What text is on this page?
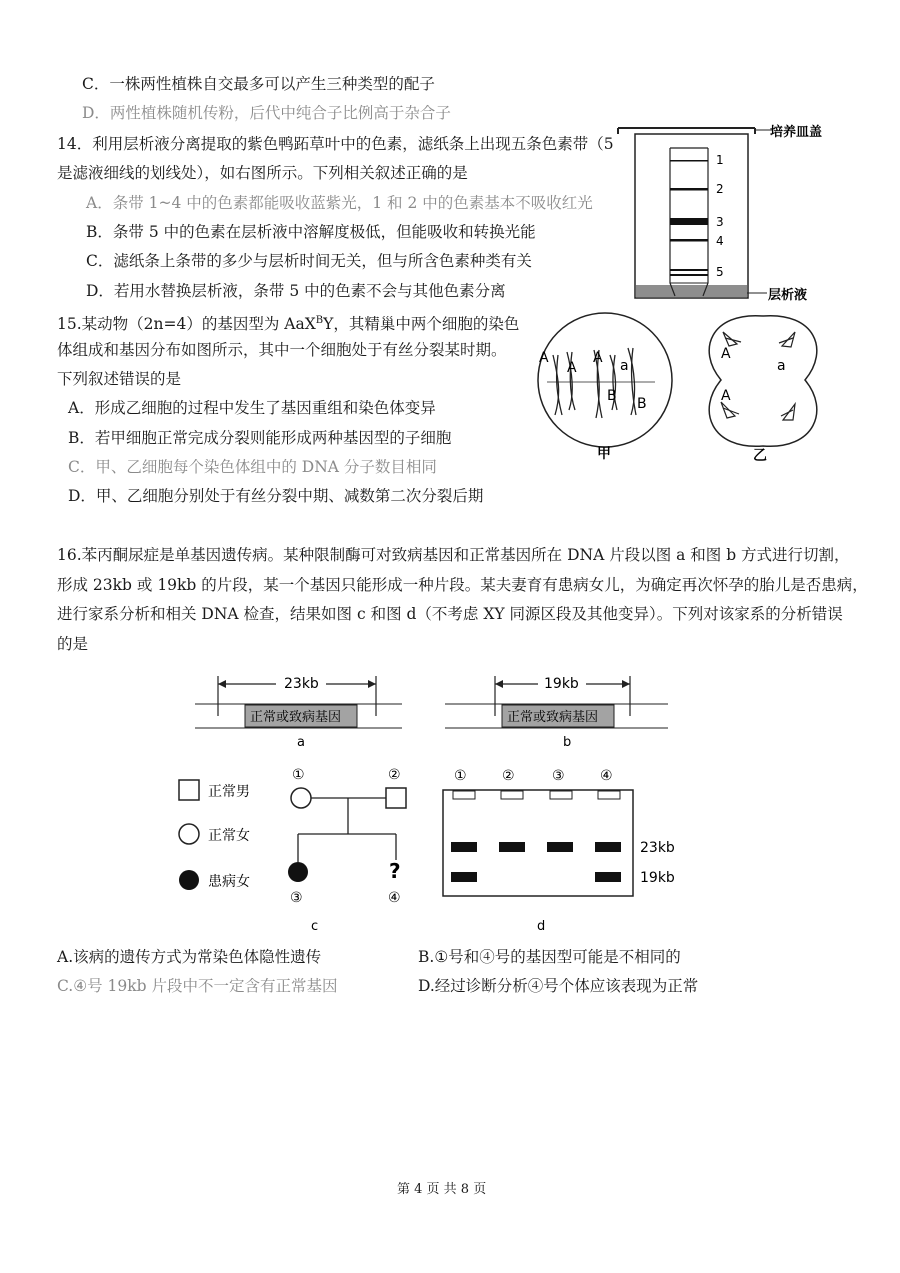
C．一株两性植株自交最多可以产生三种类型的配子
D．两性植株随机传粉，后代中纯合子比例高于杂合子
14．利用层析液分离提取的紫色鸭跖草叶中的色素，滤纸条上出现五条色素带（5
是滤液细线的划线处），如右图所示。下列相关叙述正确的是
A．条带 1~4 中的色素都能吸收蓝紫光，1 和 2 中的色素基本不吸收红光
B．条带 5 中的色素在层析液中溶解度极低，但能吸收和转换光能
C．滤纸条上条带的多少与层析时间无关，但与所含色素种类有关
D．若用水替换层析液，条带 5 中的色素不会与其他色素分离
培养皿盖
1
2
3
4
5
层析液
15.某动物（2n=4）的基因型为 AaX$^B$Y，其精巢中两个细胞的染色
体组成和基因分布如图所示，其中一个细胞处于有丝分裂某时期。
下列叙述错误的是
A．形成乙细胞的过程中发生了基因重组和染色体变异
B．若甲细胞正常完成分裂则能形成两种基因型的子细胞
C．甲、乙细胞每个染色体组中的 DNA 分子数目相同
D．甲、乙细胞分别处于有丝分裂中期、减数第二次分裂后期
A
A
A a
B B
甲
A
a
A
乙
16.苯丙酮尿症是单基因遗传病。某种限制酶可对致病基因和正常基因所在 DNA 片段以图 a 和图 b 方式进行切割，
形成 23kb 或 19kb 的片段，某一个基因只能形成一种片段。某夫妻育有患病女儿，为确定再次怀孕的胎儿是否患病，
进行家系分析和相关 DNA 检查，结果如图 c 和图 d（不考虑 XY 同源区段及其他变异）。下列对该家系的分析错误
的是
23kb
正常或致病基因
a
19kb
正常或致病基因
b
正常男
正常女
患病女
①	②
?
③	④
c
①	②	③	④
23kb
19kb
d
A.该病的遗传方式为常染色体隐性遗传	B.①号和④号的基因型可能是不相同的
C.④号 19kb 片段中不一定含有正常基因	D.经过诊断分析④号个体应该表现为正常
第 4 页 共 8 页
